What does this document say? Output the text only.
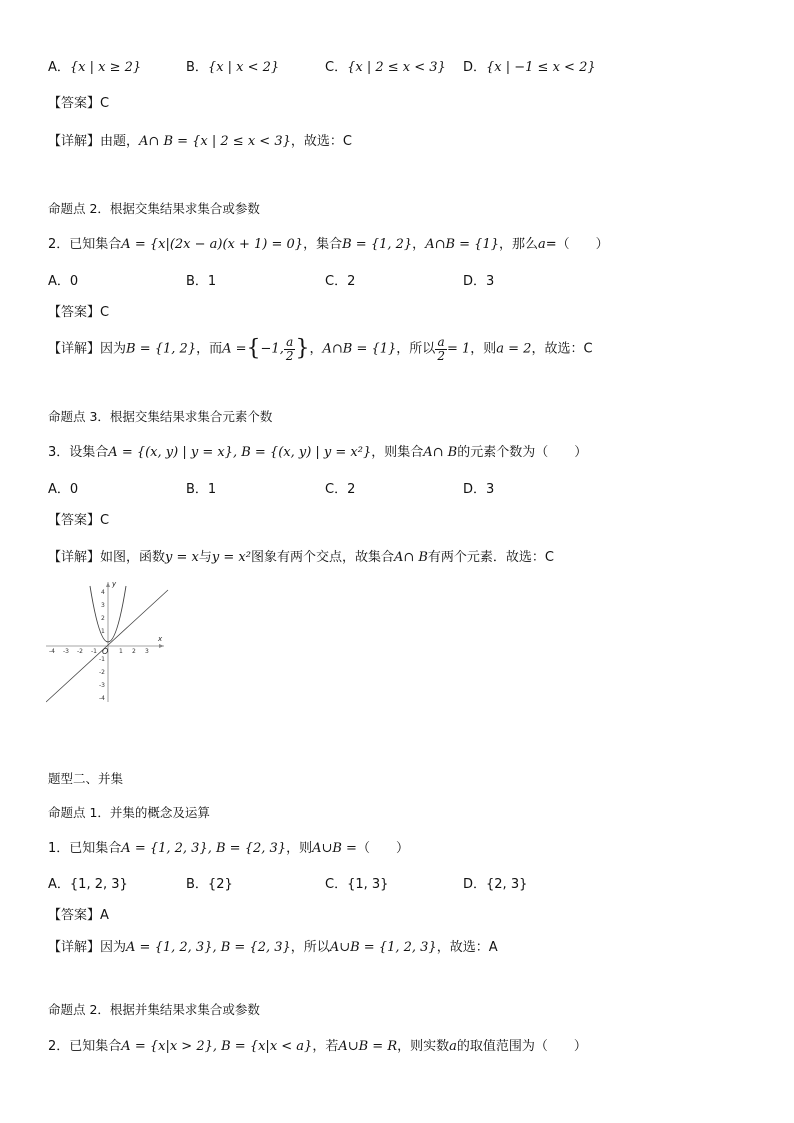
A．{x | x ≥ 2}	B．{x | x < 2}	C．{x | 2 ≤ x < 3} D．{x | −1 ≤ x < 2}
【答案】C
【详解】由题，A∩ B = {x | 2 ≤ x < 3}，故选：C
命题点 2．根据交集结果求集合或参数
2．已知集合A = {x|(2x − a)(x + 1) = 0}，集合B = {1, 2}，A∩B = {1}，那么a=（　　）
A．0	B．1	C．2	D．3
【答案】C
【详解】因为B = {1, 2}，而A ={−1, $\frac{a}{2}$ }，A∩B = {1}，所以 $\frac{a}{2} = 1$，则a = 2，故选：C
命题点 3．根据交集结果求集合元素个数
3．设集合A = {(x, y) | y = x}, B = {(x, y) | y = x²}，则集合A∩ B的元素个数为（　　）
A．0	B．1	C．2	D．3
【答案】C
【详解】如图，函数y = x与y = x²图象有两个交点，故集合A∩ B有两个元素．故选：C
-4 -3 -2 -1	1 2 3
4
3
2
1
-1
-2
-3
-4
O
x
y
题型二、并集
命题点 1．并集的概念及运算
1．已知集合A = {1, 2, 3}, B = {2, 3}，则A∪B =（　　）
A．{1, 2, 3}	B．{2}	C．{1, 3}	D．{2, 3}
【答案】A
【详解】因为A = {1, 2, 3}, B = {2, 3}，所以A∪B = {1, 2, 3}，故选：A
命题点 2．根据并集结果求集合或参数
2．已知集合A = {x|x > 2}, B = {x|x < a}，若A∪B = R，则实数a的取值范围为（　　）
